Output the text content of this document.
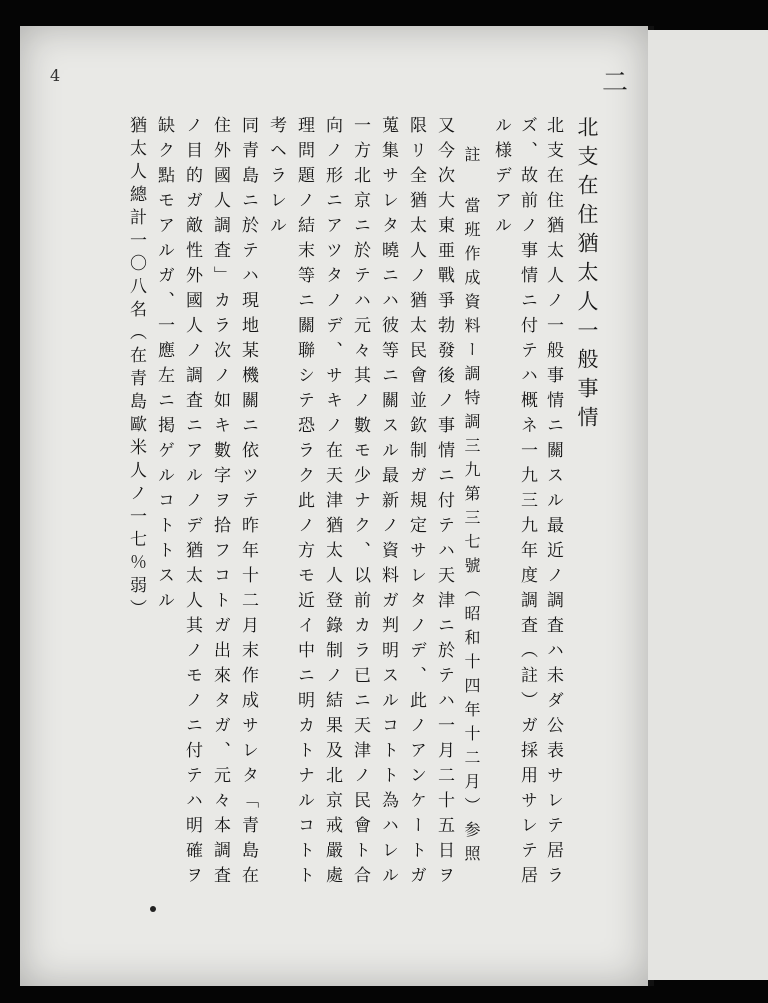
4	二
北支在住猶太人一般事情
北支在住猶太人ノ一般事情ニ關スル最近ノ調査ハ未ダ公表サレテ居ラ
ズ、故前ノ事情ニ付テハ概ネ一九三九年度調査（註）ガ採用サレテ居
ル様デアル
註 當班作成資料ー調特調三九第三七號（昭和十四年十二月）参照
又今次大東亜戰爭勃發後ノ事情ニ付テハ天津ニ於テハ一月二十五日ヲ
限リ全猶太人ノ猶太民會並欽制ガ規定サレタノデ、此ノアンケートガ
蒐集サレタ曉ニハ彼等ニ關スル最新ノ資料ガ判明スルコトト為ハレル
一方北京ニ於テハ元々其ノ數モ少ナク、以前カラ已ニ天津ノ民會ト合
向ノ形ニアツタノデ、サキノ在天津猶太人登錄制ノ結果及北京戒嚴處
理問題ノ結末等ニ關聯シテ恐ラク此ノ方モ近イ中ニ明カトナルコトト
考ヘラレル
同青島ニ於テハ現地某機關ニ依ツテ昨年十二月末作成サレタ「青島在
住外國人調査」カラ次ノ如キ數字ヲ拾フコトガ出來タガ、元々本調査
ノ目的ガ敵性外國人ノ調査ニアルノデ猶太人其ノモノニ付テハ明確ヲ
缺ク點モアルガ、一應左ニ掲ゲルコトトスル
猶太人總計一〇八名（在青島歐米人ノ一七％弱）
